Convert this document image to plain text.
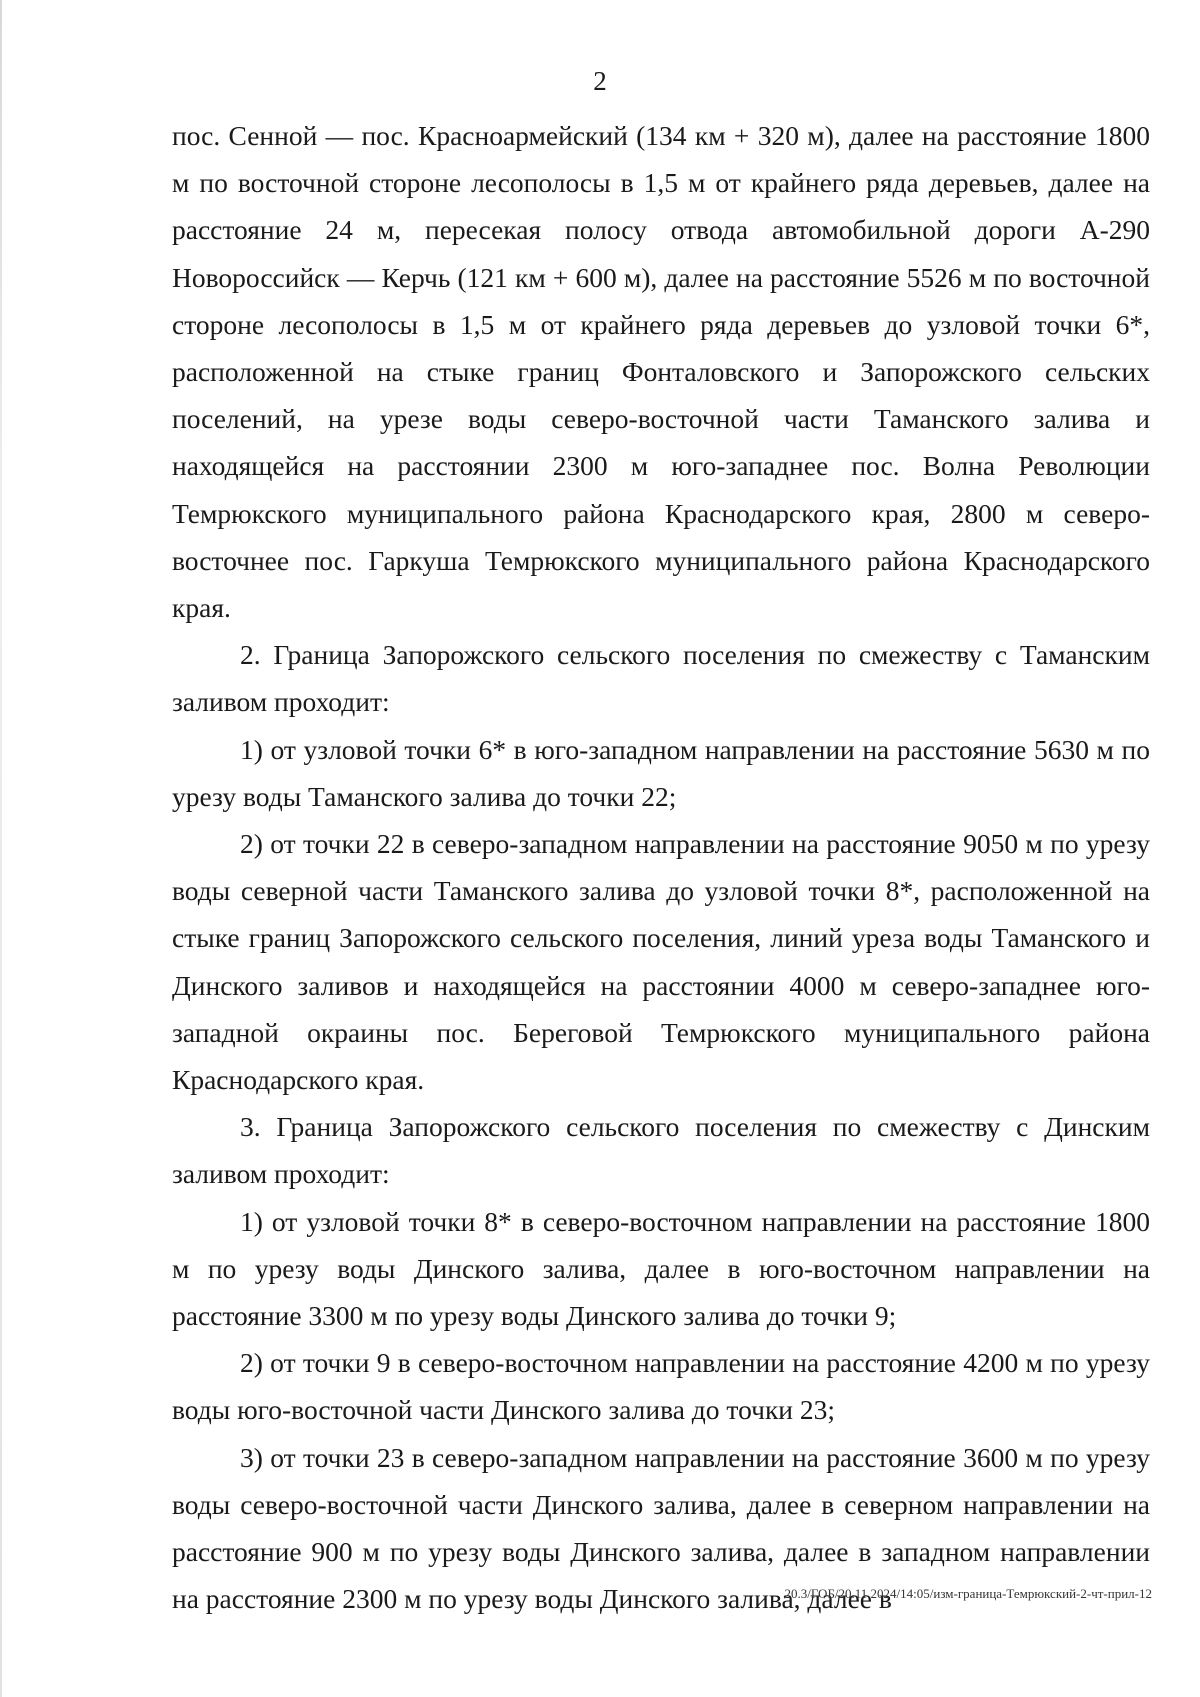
2

пос. Сенной — пос. Красноармейский (134 км + 320 м), далее на расстояние 1800 м по восточной стороне лесополосы в 1,5 м от крайнего ряда деревьев, далее на расстояние 24 м, пересекая полосу отвода автомобильной дороги А-290 Новороссийск — Керчь (121 км + 600 м), далее на расстояние 5526 м по восточной стороне лесополосы в 1,5 м от крайнего ряда деревьев до узловой точки 6*, расположенной на стыке границ Фонталовского и Запорожского сельских поселений, на урезе воды северо-восточной части Таманского залива и находящейся на расстоянии 2300 м юго-западнее пос. Волна Революции Темрюкского муниципального района Краснодарского края, 2800 м северо-восточнее пос. Гаркуша Темрюкского муниципального района Краснодарского края.

2. Граница Запорожского сельского поселения по смежеству с Таманским заливом проходит:

1) от узловой точки 6* в юго-западном направлении на расстояние 5630 м по урезу воды Таманского залива до точки 22;

2) от точки 22 в северо-западном направлении на расстояние 9050 м по урезу воды северной части Таманского залива до узловой точки 8*, расположенной на стыке границ Запорожского сельского поселения, линий уреза воды Таманского и Динского заливов и находящейся на расстоянии 4000 м северо-западнее юго-западной окраины пос. Береговой Темрюкского муниципального района Краснодарского края.

3. Граница Запорожского сельского поселения по смежеству с Динским заливом проходит:

1) от узловой точки 8* в северо-восточном направлении на расстояние 1800 м по урезу воды Динского залива, далее в юго-восточном направлении на расстояние 3300 м по урезу воды Динского залива до точки 9;

2) от точки 9 в северо-восточном направлении на расстояние 4200 м по урезу воды юго-восточной части Динского залива до точки 23;

3) от точки 23 в северо-западном направлении на расстояние 3600 м по урезу воды северо-восточной части Динского залива, далее в северном направлении на расстояние 900 м по урезу воды Динского залива, далее в западном направлении на расстояние 2300 м по урезу воды Динского залива, далее в

20.3/ГОБ/20.11.2024/14:05/изм-граница-Темрюкский-2-чт-прил-12
